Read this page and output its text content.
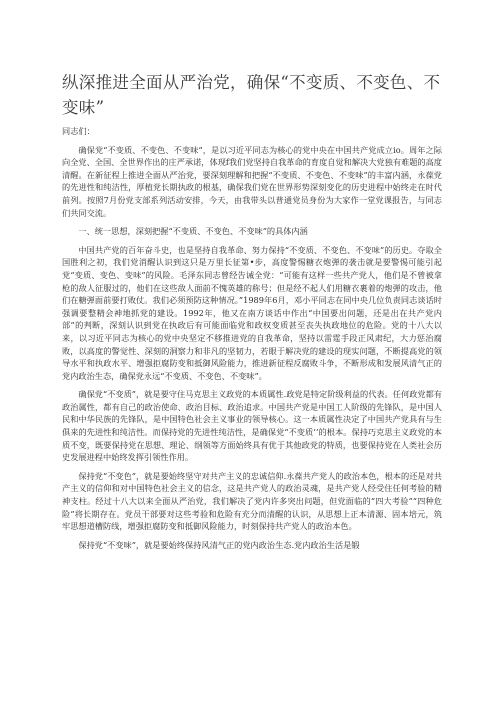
纵深推进全面从严治党，确保“不变质、不变色、不变味”

同志们：

确保党“不变质、不变色、不变味”，是以习近平同志为核心的党中央在中国共产党成立io。周年之际向全党、全国、全世界作出的庄严承诺，体现f我们党坚持自我革命的育度自觉和解决大党独有难题的高度清醒。在新征程上推进全面从严治党，要深刻理解和把握“不变质、不变色、不变味”的丰富内涵，永葆党的先进性和纯洁性，厚植党长期执政的根基，确保我们党在世界形势深刻变化的历史进程中始终走在时代前列。按照7月份党支部系列活动安排，今天，由我带头以普通党员身份为大家作一堂党课报告，与同志们共同交流。

一、统一思想，深刻把握“不变质、不变色、不变味”的具体内涵

中国共产党的百年奋斗史，也是坚持自我革命、努力保持“不变质、不变色、不变味”的历史。夺取全国胜利之初，我们党消醒认识到这只是万里长征第•步，高度警惕糖衣炮弹的袭击就是要警惕可能引起党“变质、变色、变味”的风险。毛泽东同志曾经告诫全党：“可能有这样一些共产党人，他们是不曾被拿枪的敌人征服过的，他们在这些敌人面前不愧英雄的称号；但是经不起人们用糖衣裹着的炮弹的攻击，他们在糖弹面前要打败仗。我们必须预防这种情况。”1989年6月，邓小平同志在同中央几位负责同志谈话时强调要整精会神地抓党的建设。1992年，他又在南方谈话中作出“中国要出问题，还是出在共产党内部”的判断，深刻认识到党在执政后有可能面临党和政权变质甚至丧失执政地位的危险。党的十八大以来，以习近平同志为核心的党中央坚定不移推进党的自我革命，坚持以雷霆手段正风肃纪，大力惩治腐败，以高度的警觉性、深刻的洞察力和非凡的坚韧力，若眼于解决党的建设的现实问题，不断提高党的领导水平和执政水平、增强拒腐防变和抵御风险能力，推进新征程反腐败斗争，不断形成和发展风清气正的党内政治生态，确保党永远“不变质、不变色、不变味”。

确保党“不变质”，就是要守住马克思主义政党的本质属性.政党是特定阶级利益的代表。任何政党都有政治属性，都有自己的政治使命、政治目标、政治追求。中国共产党是中国工人阶级的先锋队，是中国人民和中华民族的先锋队，是中国特色社会主义事业的领导核心。这一本质属性决定了中国共产党具有与生俱来的先进性和纯洁性。而保持党的先进性纯洁性，是确保党“不变质’’的根本。保持巧克思主义政党的本质不变，既要保持党在思想、理论、纲领等方面始终具有优于其他政党的特质，也要保持党在人类社会历史发展进程中始终发挥引领性作用。

保持党“不变色”，就是要始终坚守对共产主义的忠诚信仰.永葆共产党人的政治本色，根本的还是对共产主义的信仰和对中国特色社会主义的信念，这是共产党人的政治灵魂，是共产党人经受住任何考验的精神支柱。经过十八大以来全面从严治党，我们解决了党内许多突出问题，但党面临的“四大考验”“四种危险”将长期存在。党员干部要对这些考验和危险有充分而清醒的认识，从思想上正本清源、固本培元，筑牢思想道槽防线，增强拒腐防变和抵御风险能力，时刻保持共产党人的政治本色。

保持党“不变味”，就是要始终保持风清气正的党内政治生态.党内政治生活是锻
